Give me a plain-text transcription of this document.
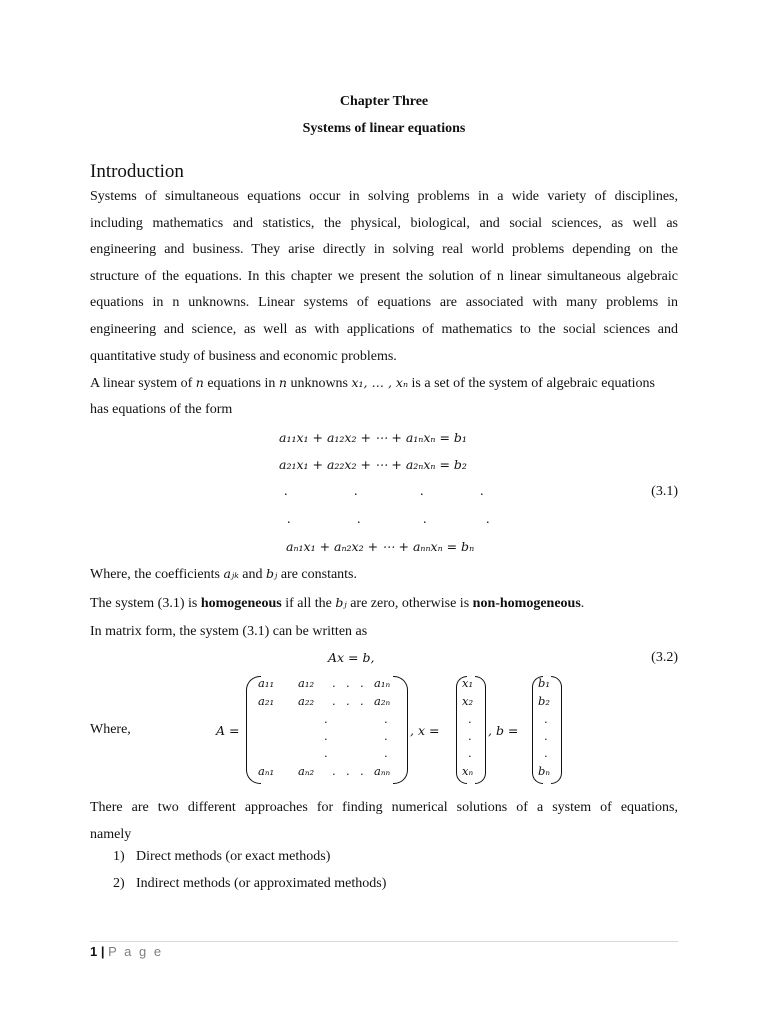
Chapter Three
Systems of linear equations
Introduction
Systems of simultaneous equations occur in solving problems in a wide variety of disciplines,
including mathematics and statistics, the physical, biological, and social sciences, as well as
engineering and business. They arise directly in solving real world problems depending on the
structure of the equations. In this chapter we present the solution of n linear simultaneous algebraic
equations in n unknowns. Linear systems of equations are associated with many problems in
engineering and science, as well as with applications of mathematics to the social sciences and
quantitative study of business and economic problems.
A linear system of n equations in n unknowns x₁, … , xₙ is a set of the system of algebraic equations
has equations of the form
a₁₁x₁ + a₁₂x₂ + ⋯ + a₁ₙxₙ = b₁
a₂₁x₁ + a₂₂x₂ + ⋯ + a₂ₙxₙ = b₂
.	.	.	.
.	.	.	.
(3.1)
aₙ₁x₁ + aₙ₂x₂ + ⋯ + aₙₙxₙ = bₙ
Where, the coefficients aⱼₖ and bⱼ are constants.
The system (3.1) is homogeneous if all the bⱼ are zero, otherwise is non-homogeneous.
In matrix form, the system (3.1) can be written as
Ax = b,	(3.2)
Where,	A =
a₁₁ a₁₂ . . . a₁ₙ
a₂₁ a₂₂ . . . a₂ₙ
.	.
.	.
.	.
aₙ₁ aₙ₂ . . . aₙₙ
, x =
x₁
x₂
.
.
.
xₙ
, b =
b₁
b₂
.
.
.
bₙ
There are two different approaches for finding numerical solutions of a system of equations,
namely
1) Direct methods (or exact methods)
2) Indirect methods (or approximated methods)
1 | P a g e
